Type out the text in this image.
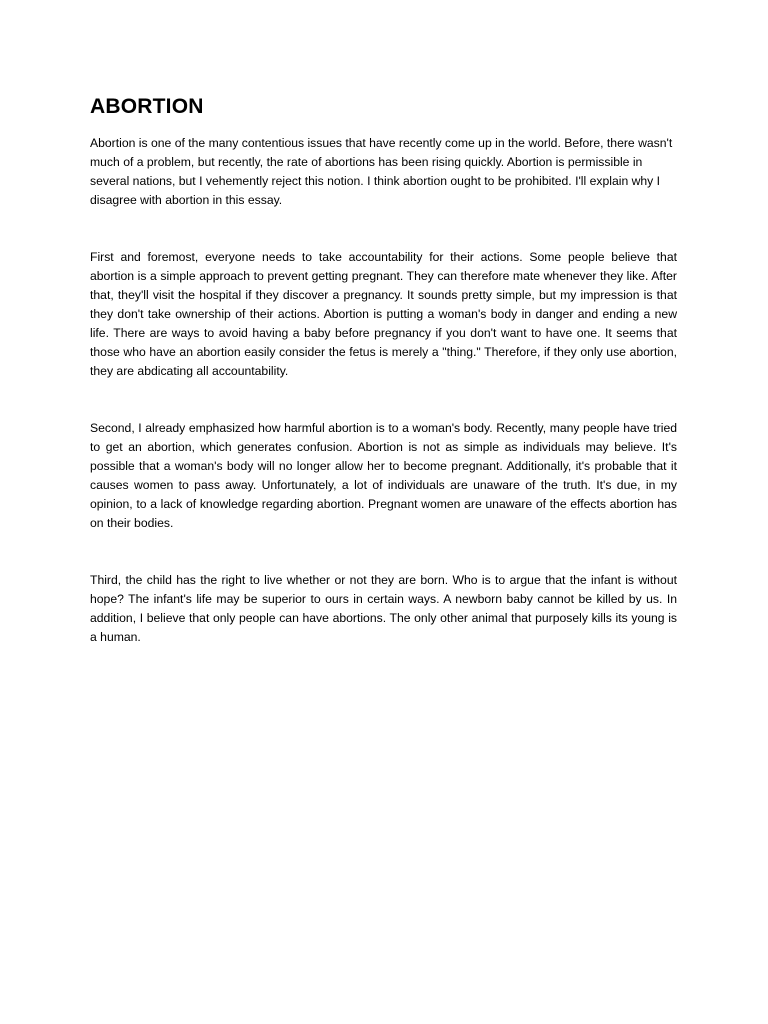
ABORTION

Abortion is one of the many contentious issues that have recently come up in the world. Before, there wasn't much of a problem, but recently, the rate of abortions has been rising quickly. Abortion is permissible in several nations, but I vehemently reject this notion. I think abortion ought to be prohibited. I'll explain why I disagree with abortion in this essay.

First and foremost, everyone needs to take accountability for their actions. Some people believe that abortion is a simple approach to prevent getting pregnant. They can therefore mate whenever they like. After that, they'll visit the hospital if they discover a pregnancy. It sounds pretty simple, but my impression is that they don't take ownership of their actions. Abortion is putting a woman's body in danger and ending a new life. There are ways to avoid having a baby before pregnancy if you don't want to have one. It seems that those who have an abortion easily consider the fetus is merely a "thing." Therefore, if they only use abortion, they are abdicating all accountability.

Second, I already emphasized how harmful abortion is to a woman's body. Recently, many people have tried to get an abortion, which generates confusion. Abortion is not as simple as individuals may believe. It's possible that a woman's body will no longer allow her to become pregnant. Additionally, it's probable that it causes women to pass away. Unfortunately, a lot of individuals are unaware of the truth. It's due, in my opinion, to a lack of knowledge regarding abortion. Pregnant women are unaware of the effects abortion has on their bodies.

Third, the child has the right to live whether or not they are born. Who is to argue that the infant is without hope? The infant's life may be superior to ours in certain ways. A newborn baby cannot be killed by us. In addition, I believe that only people can have abortions. The only other animal that purposely kills its young is a human.
